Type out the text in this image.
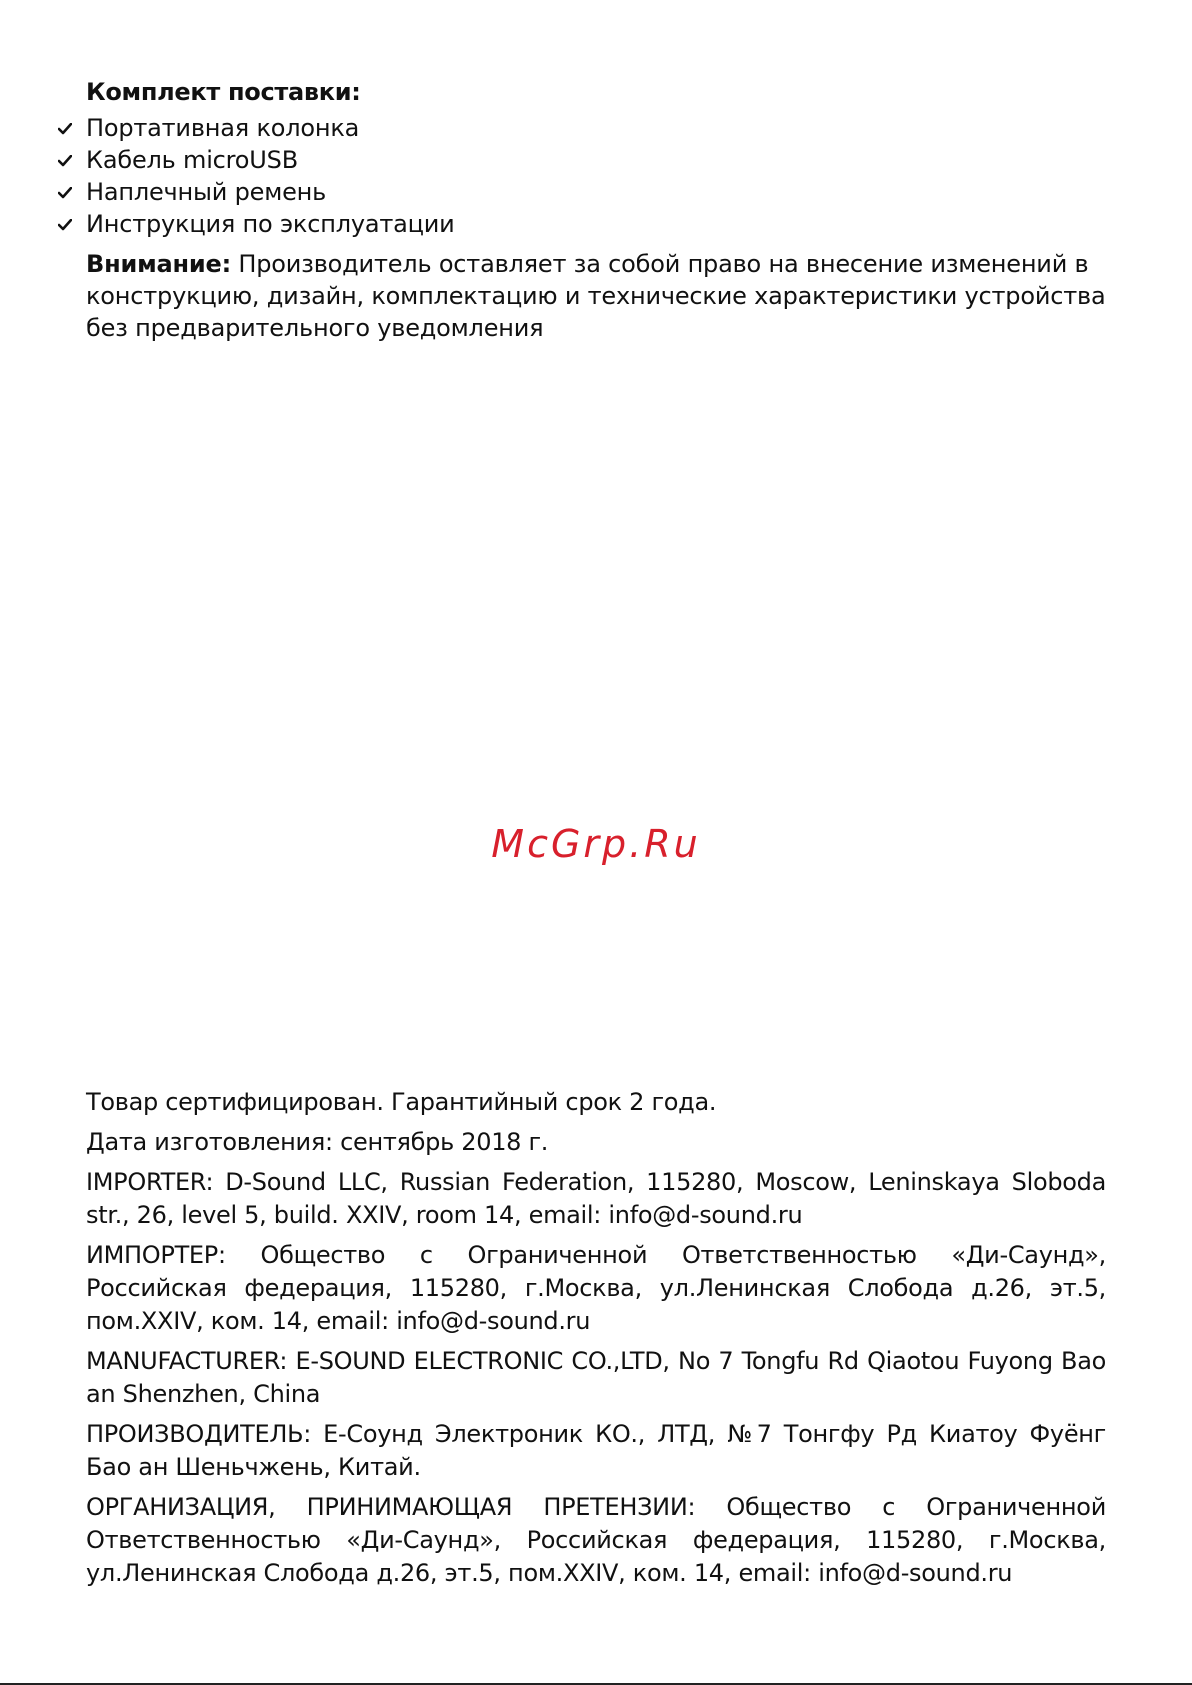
Комплект поставки:
Портативная колонка
Кабель microUSB
Наплечный ремень
Инструкция по эксплуатации

Внимание: Производитель оставляет за собой право на внесение изменений в конструкцию, дизайн, комплектацию и технические характеристики устройства без предварительного уведомления

McGrp.Ru

Товар сертифицирован. Гарантийный срок 2 года.

Дата изготовления: сентябрь 2018 г.

IMPORTER: D-Sound LLC, Russian Federation, 115280, Moscow, Leninskaya Sloboda str., 26, level 5, build. XXIV, room 14, email: info@d-sound.ru

ИМПОРТЕР: Общество с Ограниченной Ответственностью «Ди-Саунд», Российская федерация, 115280, г.Москва, ул.Ленинская Слобода д.26, эт.5, пом.XXIV, ком. 14, email: info@d-sound.ru

MANUFACTURER: E-SOUND ELECTRONIC CO.,LTD, No 7 Tongfu Rd Qiaotou Fuyong Bao an Shenzhen, China

ПРОИЗВОДИТЕЛЬ: Е-Соунд Электроник КО., ЛТД, №7 Тонгфу Рд Киатоу Фуёнг Бао ан Шеньчжень, Китай.

ОРГАНИЗАЦИЯ, ПРИНИМАЮЩАЯ ПРЕТЕНЗИИ: Общество с Ограниченной Ответственностью «Ди-Саунд», Российская федерация, 115280, г.Москва, ул.Ленинская Слобода д.26, эт.5, пом.XXIV, ком. 14, email: info@d-sound.ru
